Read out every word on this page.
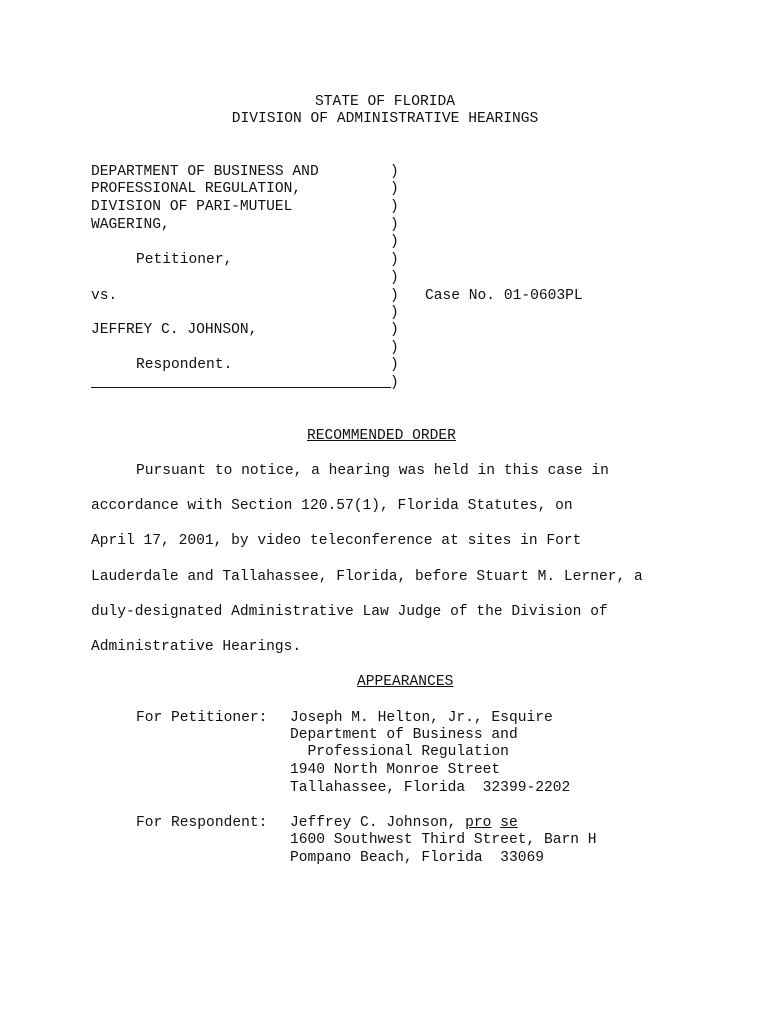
STATE OF FLORIDA
DIVISION OF ADMINISTRATIVE HEARINGS
DEPARTMENT OF BUSINESS AND
PROFESSIONAL REGULATION,
DIVISION OF PARI-MUTUEL
WAGERING,
Petitioner,
vs.
JEFFREY C. JOHNSON,
Respondent.
)
)
)
)
)
)
)
)
)
)
)
)
)
Case No. 01-0603PL
RECOMMENDED ORDER
Pursuant to notice, a hearing was held in this case in
accordance with Section 120.57(1), Florida Statutes, on
April 17, 2001, by video teleconference at sites in Fort
Lauderdale and Tallahassee, Florida, before Stuart M. Lerner, a
duly-designated Administrative Law Judge of the Division of
Administrative Hearings.
APPEARANCES
For Petitioner: Joseph M. Helton, Jr., Esquire
Department of Business and
Professional Regulation
1940 North Monroe Street
Tallahassee, Florida  32399-2202
For Respondent: Jeffrey C. Johnson, pro se
1600 Southwest Third Street, Barn H
Pompano Beach, Florida  33069
